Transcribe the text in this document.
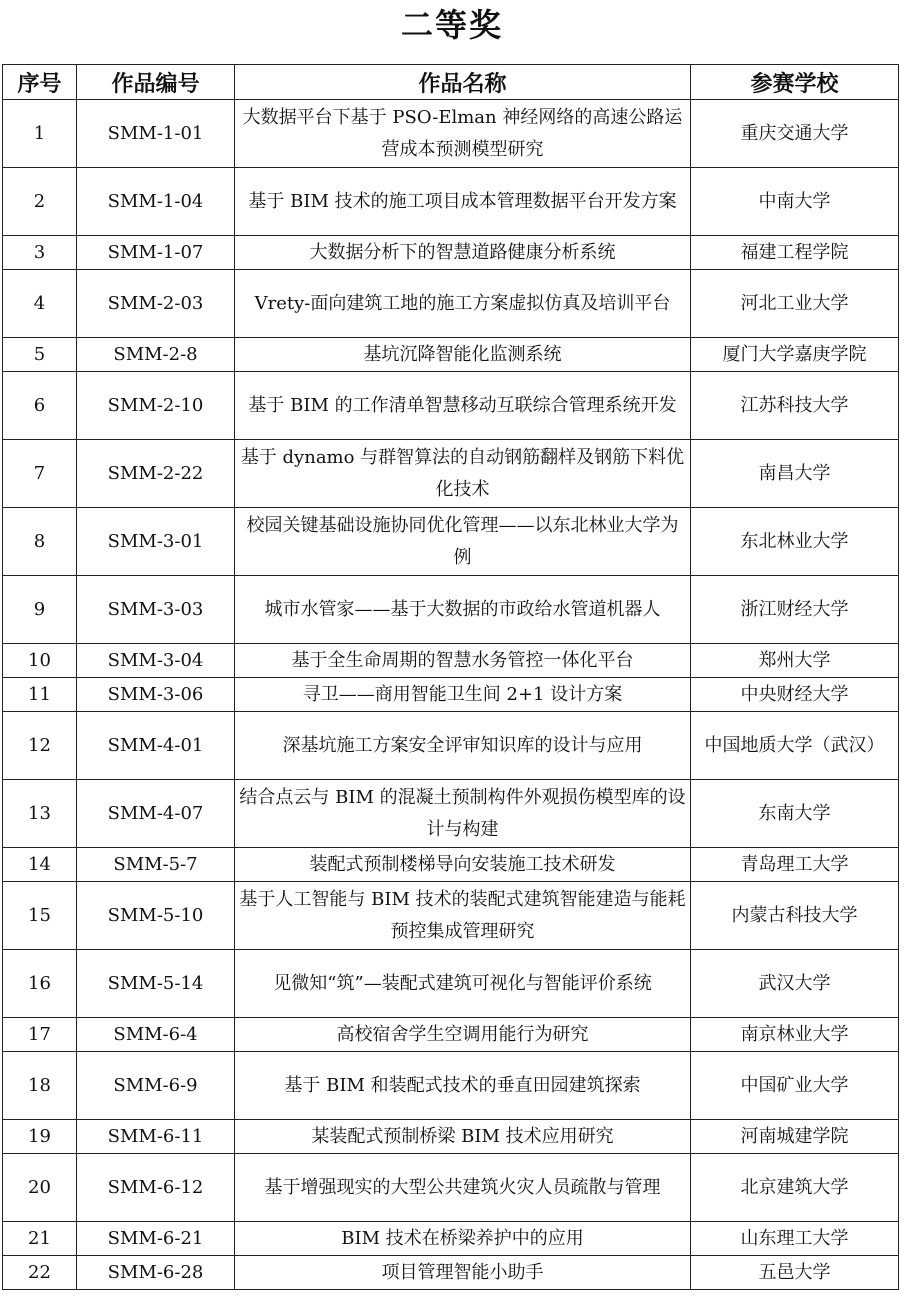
二等奖
序号	作品编号	作品名称	参赛学校
1	SMM-1-01	大数据平台下基于 PSO-Elman 神经网络的高速公路运营成本预测模型研究	重庆交通大学
2	SMM-1-04	基于 BIM 技术的施工项目成本管理数据平台开发方案	中南大学
3	SMM-1-07	大数据分析下的智慧道路健康分析系统	福建工程学院
4	SMM-2-03	Vrety-面向建筑工地的施工方案虚拟仿真及培训平台	河北工业大学
5	SMM-2-8	基坑沉降智能化监测系统	厦门大学嘉庚学院
6	SMM-2-10	基于 BIM 的工作清单智慧移动互联综合管理系统开发	江苏科技大学
7	SMM-2-22	基于 dynamo 与群智算法的自动钢筋翻样及钢筋下料优化技术	南昌大学
8	SMM-3-01	校园关键基础设施协同优化管理——以东北林业大学为例	东北林业大学
9	SMM-3-03	城市水管家——基于大数据的市政给水管道机器人	浙江财经大学
10	SMM-3-04	基于全生命周期的智慧水务管控一体化平台	郑州大学
11	SMM-3-06	寻卫——商用智能卫生间 2+1 设计方案	中央财经大学
12	SMM-4-01	深基坑施工方案安全评审知识库的设计与应用	中国地质大学（武汉）
13	SMM-4-07	结合点云与 BIM 的混凝土预制构件外观损伤模型库的设计与构建	东南大学
14	SMM-5-7	装配式预制楼梯导向安装施工技术研发	青岛理工大学
15	SMM-5-10	基于人工智能与 BIM 技术的装配式建筑智能建造与能耗预控集成管理研究	内蒙古科技大学
16	SMM-5-14	见微知“筑”—装配式建筑可视化与智能评价系统	武汉大学
17	SMM-6-4	高校宿舍学生空调用能行为研究	南京林业大学
18	SMM-6-9	基于 BIM 和装配式技术的垂直田园建筑探索	中国矿业大学
19	SMM-6-11	某装配式预制桥梁 BIM 技术应用研究	河南城建学院
20	SMM-6-12	基于增强现实的大型公共建筑火灾人员疏散与管理	北京建筑大学
21	SMM-6-21	BIM 技术在桥梁养护中的应用	山东理工大学
22	SMM-6-28	项目管理智能小助手	五邑大学
